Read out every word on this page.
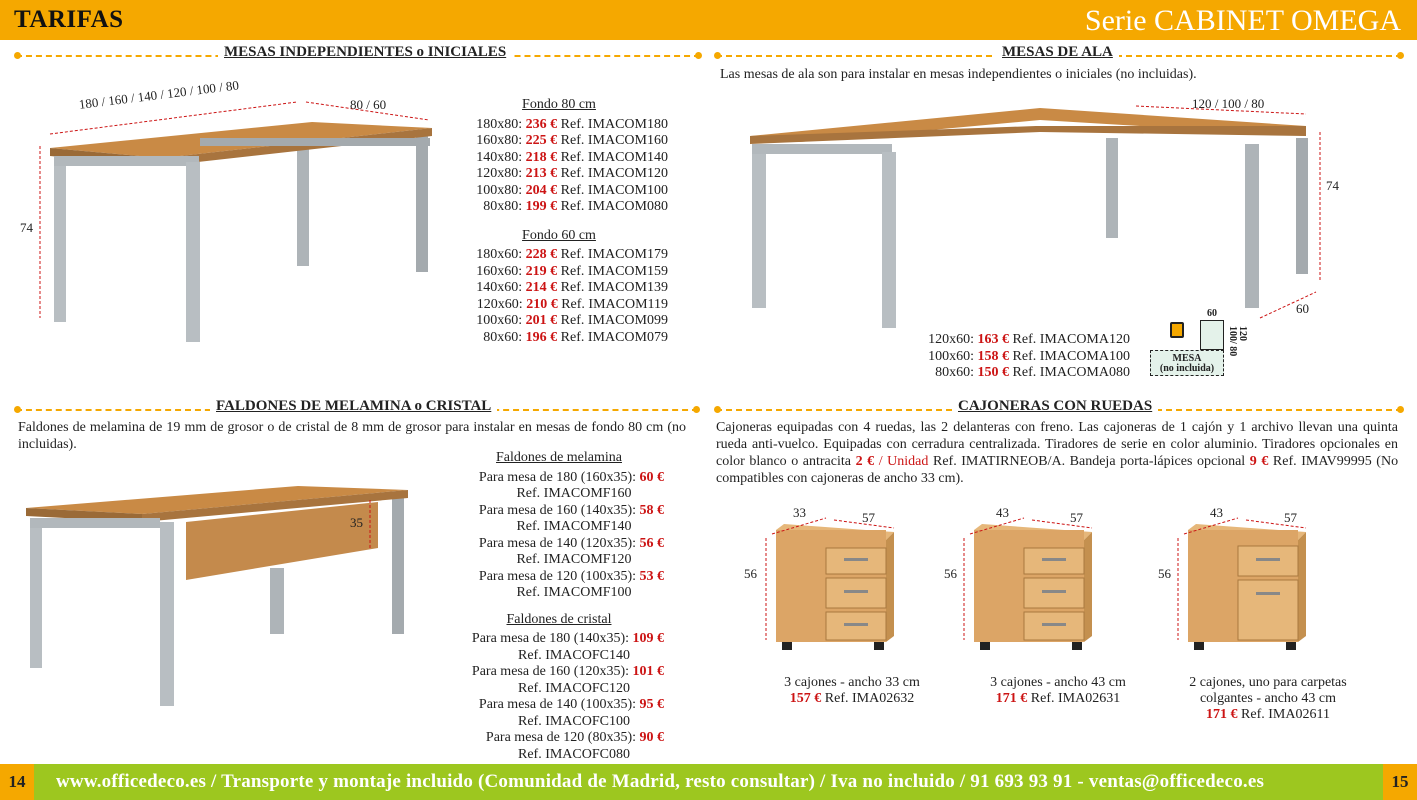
TARIFAS	Serie CABINET OMEGA
MESAS INDEPENDIENTES o INICIALES
180 / 160 / 140 / 120 / 100 / 80	80 / 60
74
Fondo 80 cm
180x80: 236 € Ref. IMACOM180
160x80: 225 € Ref. IMACOM160
140x80: 218 € Ref. IMACOM140
120x80: 213 € Ref. IMACOM120
100x80: 204 € Ref. IMACOM100
80x80: 199 € Ref. IMACOM080
Fondo 60 cm
180x60: 228 € Ref. IMACOM179
160x60: 219 € Ref. IMACOM159
140x60: 214 € Ref. IMACOM139
120x60: 210 € Ref. IMACOM119
100x60: 201 € Ref. IMACOM099
80x60: 196 € Ref. IMACOM079
MESAS DE ALA
Las mesas de ala son para instalar en mesas independientes o iniciales (no incluidas).
120 / 100 / 80
74
60
120x60: 163 € Ref. IMACOMA120
100x60: 158 € Ref. IMACOMA100
80x60: 150 € Ref. IMACOMA080
MESA
(no incluida)
60
120
100/ 80
FALDONES DE MELAMINA o CRISTAL
Faldones de melamina de 19 mm de grosor o de cristal de 8 mm de grosor para instalar en mesas de fondo 80 cm (no incluidas).
35
Faldones de melamina
Para mesa de 180 (160x35): 60 €
Ref. IMACOMF160
Para mesa de 160 (140x35): 58 €
Ref. IMACOMF140
Para mesa de 140 (120x35): 56 €
Ref. IMACOMF120
Para mesa de 120 (100x35): 53 €
Ref. IMACOMF100
Faldones de cristal
Para mesa de 180 (140x35): 109 €
Ref. IMACOFC140
Para mesa de 160 (120x35): 101 €
Ref. IMACOFC120
Para mesa de 140 (100x35): 95 €
Ref. IMACOFC100
Para mesa de 120 (80x35): 90 €
Ref. IMACOFC080
CAJONERAS CON RUEDAS
Cajoneras equipadas con 4 ruedas, las 2 delanteras con freno. Las cajoneras de 1 cajón y 1 archivo llevan una quinta rueda anti-vuelco. Equipadas con cerradura centralizada. Tiradores de serie en color aluminio. Tiradores opcionales en color blanco o antracita 2 € / Unidad Ref. IMATIRNEOB/A. Bandeja porta-lápices opcional 9 € Ref. IMAV99995 (No compatibles con cajoneras de ancho 33 cm).
33	57
56
3 cajones - ancho 33 cm
157 € Ref. IMA02632
43	57
56
3 cajones - ancho 43 cm
171 € Ref. IMA02631
43	57
56
2 cajones, uno para carpetas
colgantes - ancho 43 cm
171 € Ref. IMA02611
14	www.officedeco.es / Transporte y montaje incluido (Comunidad de Madrid, resto consultar) / Iva no incluido / 91 693 93 91 - ventas@officedeco.es	15
